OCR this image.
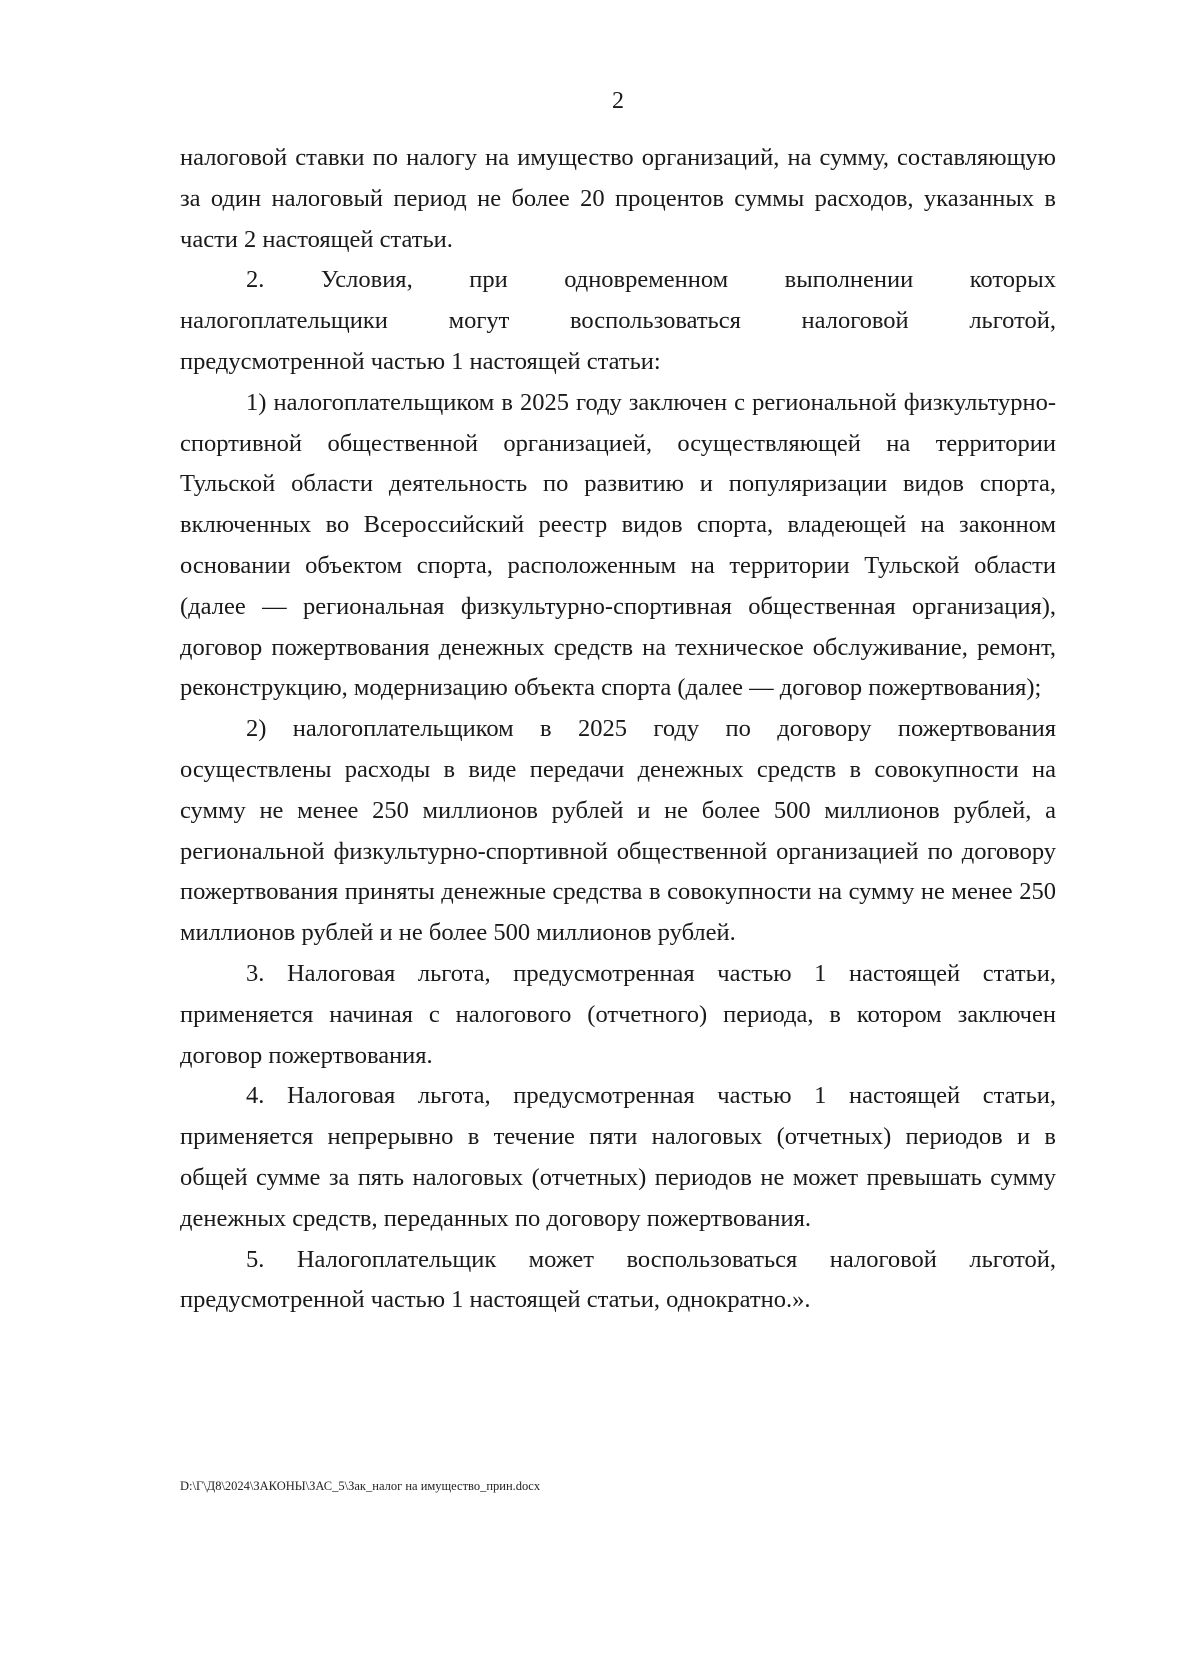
2

налоговой ставки по налогу на имущество организаций, на сумму, составляющую за один налоговый период не более 20 процентов суммы расходов, указанных в части 2 настоящей статьи.

2. Условия, при одновременном выполнении которых
налогоплательщики могут воспользоваться налоговой льготой,
предусмотренной частью 1 настоящей статьи:

1) налогоплательщиком в 2025 году заключен с региональной физкультурно-спортивной общественной организацией, осуществляющей на территории Тульской области деятельность по развитию и популяризации видов спорта, включенных во Всероссийский реестр видов спорта, владеющей на законном основании объектом спорта, расположенным на территории Тульской области (далее — региональная физкультурно-спортивная общественная организация), договор пожертвования денежных средств на техническое обслуживание, ремонт, реконструкцию, модернизацию объекта спорта (далее — договор пожертвования);

2) налогоплательщиком в 2025 году по договору пожертвования осуществлены расходы в виде передачи денежных средств в совокупности на сумму не менее 250 миллионов рублей и не более 500 миллионов рублей, а региональной физкультурно-спортивной общественной организацией по договору пожертвования приняты денежные средства в совокупности на сумму не менее 250 миллионов рублей и не более 500 миллионов рублей.

3. Налоговая льгота, предусмотренная частью 1 настоящей статьи, применяется начиная с налогового (отчетного) периода, в котором заключен договор пожертвования.

4. Налоговая льгота, предусмотренная частью 1 настоящей статьи, применяется непрерывно в течение пяти налоговых (отчетных) периодов и в общей сумме за пять налоговых (отчетных) периодов не может превышать сумму денежных средств, переданных по договору пожертвования.

5. Налогоплательщик может воспользоваться налоговой льготой, предусмотренной частью 1 настоящей статьи, однократно.».

D:\Г\Д8\2024\ЗАКОНЫ\ЗАС_5\Зак_налог на имущество_прин.docx
